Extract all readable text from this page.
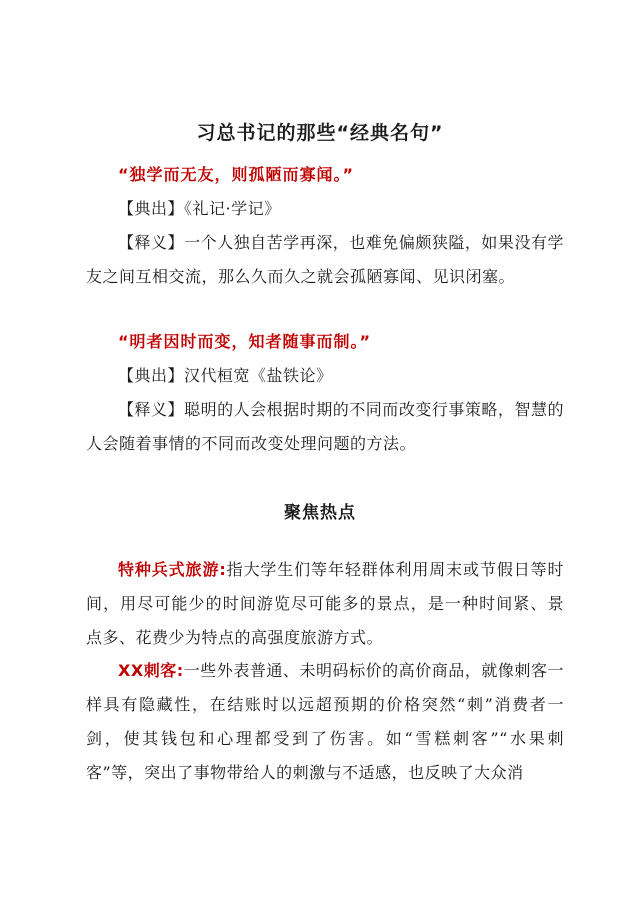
习总书记的那些“经典名句”
“独学而无友，则孤陋而寡闻。”
【典出】《礼记·学记》
【释义】一个人独自苦学再深，也难免偏颇狭隘，如果没有学友之间互相交流，那么久而久之就会孤陋寡闻、见识闭塞。
“明者因时而变，知者随事而制。”
【典出】汉代桓宽《盐铁论》
【释义】聪明的人会根据时期的不同而改变行事策略，智慧的人会随着事情的不同而改变处理问题的方法。
聚焦热点
特种兵式旅游:指大学生们等年轻群体利用周末或节假日等时间，用尽可能少的时间游览尽可能多的景点，是一种时间紧、景点多、花费少为特点的高强度旅游方式。
XX刺客:一些外表普通、未明码标价的高价商品，就像刺客一样具有隐藏性，在结账时以远超预期的价格突然“刺”消费者一剑，使其钱包和心理都受到了伤害。如“雪糕刺客”“水果刺客”等，突出了事物带给人的刺激与不适感，也反映了大众消
